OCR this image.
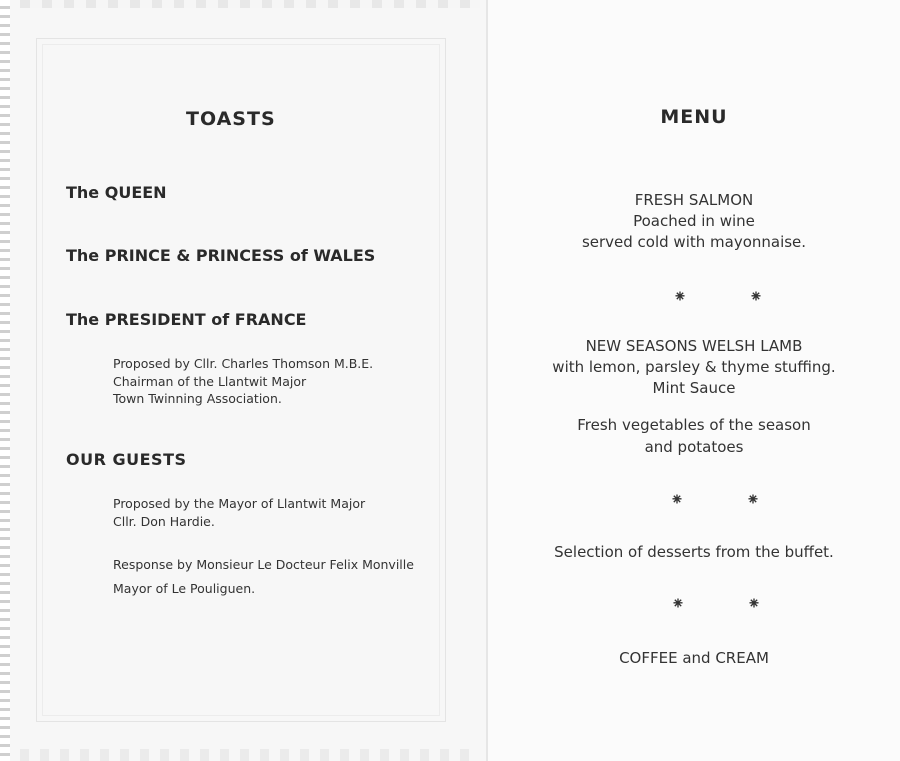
TOASTS
The QUEEN
The PRINCE & PRINCESS of WALES
The PRESIDENT of FRANCE
Proposed by Cllr. Charles Thomson M.B.E.
Chairman of the Llantwit Major
Town Twinning Association.
OUR GUESTS
Proposed by the Mayor of Llantwit Major
Cllr. Don Hardie.
Response by Monsieur Le Docteur Felix Monville
Mayor of Le Pouliguen.
MENU
FRESH SALMON
Poached in wine
served cold with mayonnaise.
⁕	⁕
NEW SEASONS WELSH LAMB
with lemon, parsley & thyme stuffing.
Mint Sauce
Fresh vegetables of the season
and potatoes
⁕	⁕
Selection of desserts from the buffet.
⁕	⁕
COFFEE and CREAM
